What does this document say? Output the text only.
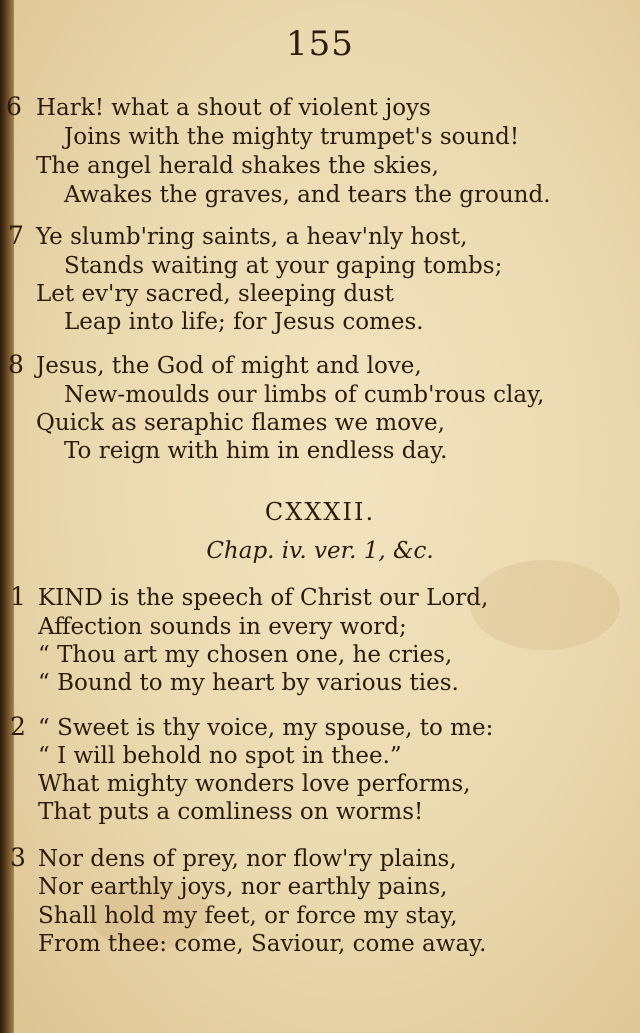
155
6 Hark! what a shout of violent joys
Joins with the mighty trumpet's sound!
The angel herald shakes the skies,
Awakes the graves, and tears the ground.
7 Ye slumb'ring saints, a heav'nly host,
Stands waiting at your gaping tombs;
Let ev'ry sacred, sleeping dust
Leap into life; for Jesus comes.
8 Jesus, the God of might and love,
New-moulds our limbs of cumb'rous clay,
Quick as seraphic flames we move,
To reign with him in endless day.
CXXXII.
Chap. iv. ver. 1, &c.
1 KIND is the speech of Christ our Lord,
Affection sounds in every word;
“ Thou art my chosen one, he cries,
“ Bound to my heart by various ties.
2 “ Sweet is thy voice, my spouse, to me:
“ I will behold no spot in thee.”
What mighty wonders love performs,
That puts a comliness on worms!
3 Nor dens of prey, nor flow'ry plains,
Nor earthly joys, nor earthly pains,
Shall hold my feet, or force my stay,
From thee: come, Saviour, come away.
